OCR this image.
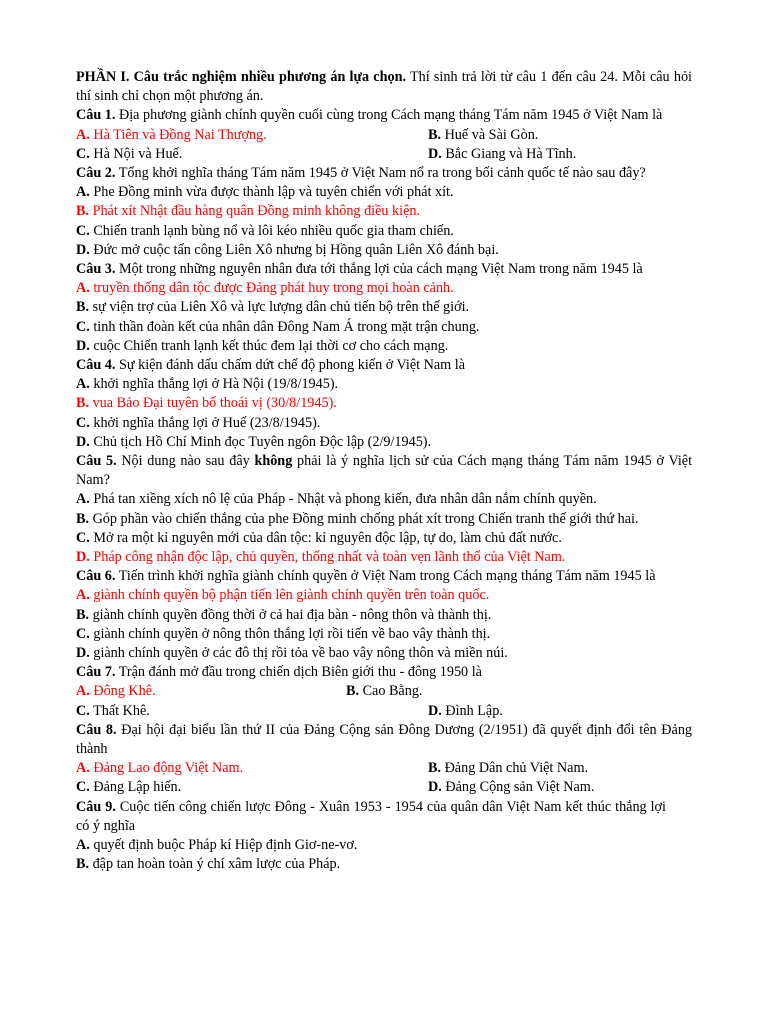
PHẦN I. Câu trắc nghiệm nhiều phương án lựa chọn. Thí sinh trả lời từ câu 1 đến câu 24. Mỗi câu hỏi thí sinh chỉ chọn một phương án.
Câu 1. Địa phương giành chính quyền cuối cùng trong Cách mạng tháng Tám năm 1945 ở Việt Nam là
A. Hà Tiên và Đồng Nai Thượng.	B. Huế và Sài Gòn.
C. Hà Nội và Huế.	D. Bắc Giang và Hà Tĩnh.
Câu 2. Tổng khởi nghĩa tháng Tám năm 1945 ở Việt Nam nổ ra trong bối cảnh quốc tế nào sau đây?
A. Phe Đồng minh vừa được thành lập và tuyên chiến với phát xít.
B. Phát xít Nhật đầu hàng quân Đồng minh không điều kiện.
C. Chiến tranh lạnh bùng nổ và lôi kéo nhiều quốc gia tham chiến.
D. Đức mở cuộc tấn công Liên Xô nhưng bị Hồng quân Liên Xô đánh bại.
Câu 3. Một trong những nguyên nhân đưa tới thắng lợi của cách mạng Việt Nam trong năm 1945 là
A. truyền thống dân tộc được Đảng phát huy trong mọi hoàn cảnh.
B. sự viện trợ của Liên Xô và lực lượng dân chủ tiến bộ trên thế giới.
C. tinh thần đoàn kết của nhân dân Đông Nam Á trong mặt trận chung.
D. cuộc Chiến tranh lạnh kết thúc đem lại thời cơ cho cách mạng.
Câu 4. Sự kiện đánh dấu chấm dứt chế độ phong kiến ở Việt Nam là
A. khởi nghĩa thắng lợi ở Hà Nội (19/8/1945).
B. vua Bảo Đại tuyên bố thoái vị (30/8/1945).
C. khởi nghĩa thắng lợi ở Huế (23/8/1945).
D. Chủ tịch Hồ Chí Minh đọc Tuyên ngôn Độc lập (2/9/1945).
Câu 5. Nội dung nào sau đây không phải là ý nghĩa lịch sử của Cách mạng tháng Tám năm 1945 ở Việt Nam?
A. Phá tan xiềng xích nô lệ của Pháp - Nhật và phong kiến, đưa nhân dân nắm chính quyền.
B. Góp phần vào chiến thắng của phe Đồng minh chống phát xít trong Chiến tranh thế giới thứ hai.
C. Mở ra một kỉ nguyên mới của dân tộc: kỉ nguyên độc lập, tự do, làm chủ đất nước.
D. Pháp công nhận độc lập, chủ quyền, thống nhất và toàn vẹn lãnh thổ của Việt Nam.
Câu 6. Tiến trình khởi nghĩa giành chính quyền ở Việt Nam trong Cách mạng tháng Tám năm 1945 là
A. giành chính quyền bộ phận tiến lên giành chính quyền trên toàn quốc.
B. giành chính quyền đồng thời ở cả hai địa bàn - nông thôn và thành thị.
C. giành chính quyền ở nông thôn thắng lợi rồi tiến về bao vây thành thị.
D. giành chính quyền ở các đô thị rồi tỏa về bao vây nông thôn và miền núi.
Câu 7. Trận đánh mở đầu trong chiến dịch Biên giới thu - đông 1950 là
A. Đông Khê.	B. Cao Bằng.
C. Thất Khê.	D. Đình Lập.
Câu 8. Đại hội đại biểu lần thứ II của Đảng Cộng sản Đông Dương (2/1951) đã quyết định đổi tên Đảng thành
A. Đảng Lao động Việt Nam.	B. Đảng Dân chủ Việt Nam.
C. Đảng Lập hiến.	D. Đảng Cộng sản Việt Nam.
Câu 9. Cuộc tiến công chiến lược Đông - Xuân 1953 - 1954 của quân dân Việt Nam kết thúc thắng lợi có ý nghĩa
A. quyết định buộc Pháp kí Hiệp định Giơ-ne-vơ.
B. đập tan hoàn toàn ý chí xâm lược của Pháp.
